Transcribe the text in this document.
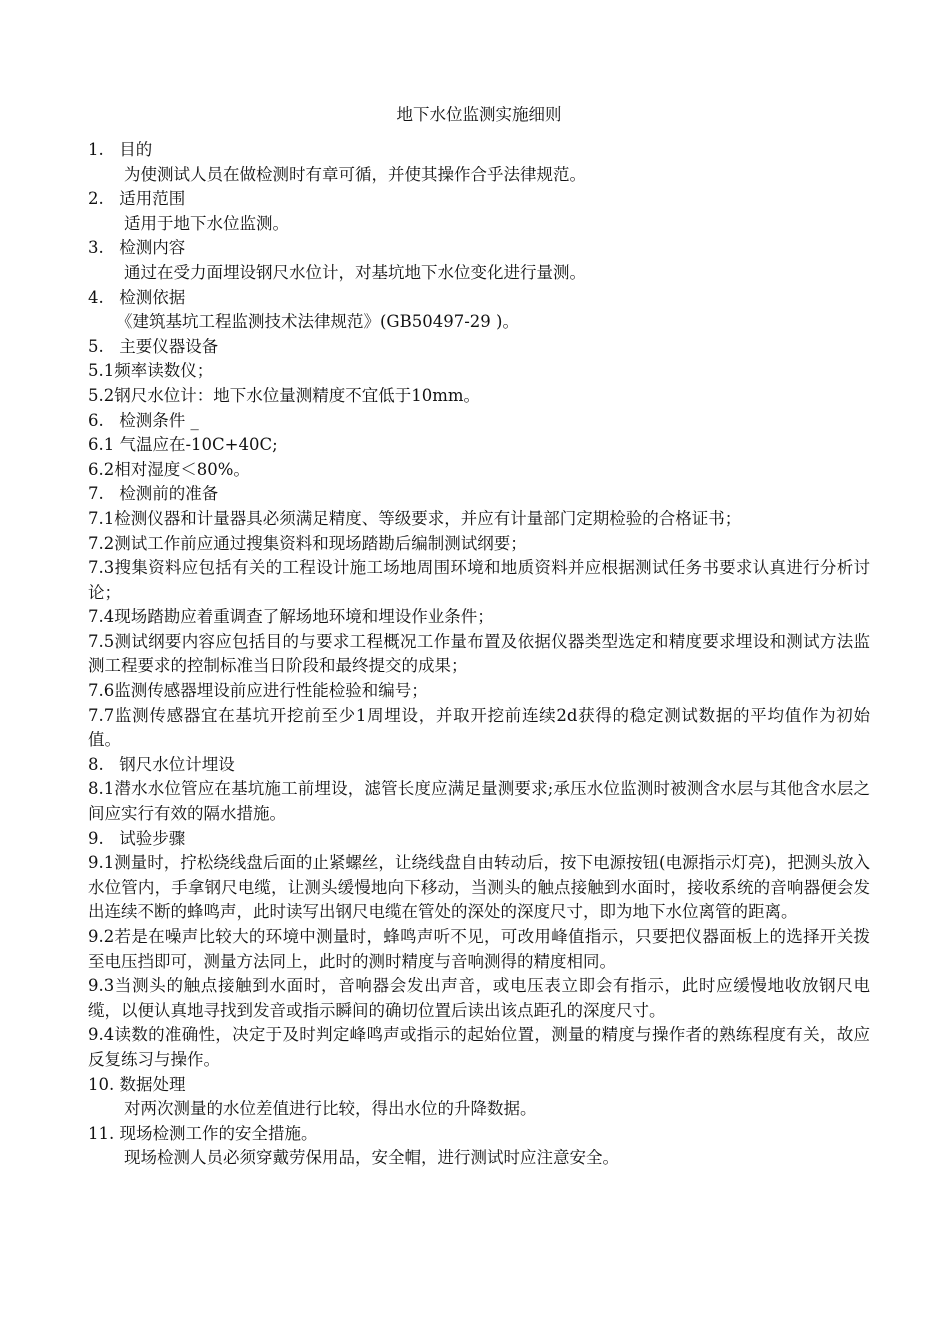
地下水位监测实施细则

1. 目的

为使测试人员在做检测时有章可循，并使其操作合乎法律规范。

2. 适用范围

适用于地下水位监测。

3. 检测内容

通过在受力面埋设钢尺水位计，对基坑地下水位变化进行量测。

4. 检测依据

《建筑基坑工程监测技术法律规范》(GB50497-29 )。

5. 主要仪器设备

5.1频率读数仪；

5.2钢尺水位计：地下水位量测精度不宜低于10mm。

6. 检测条件 _

6.1 气温应在-10C+40C;

6.2相对湿度＜80%。

7. 检测前的准备

7.1检测仪器和计量器具必须满足精度、等级要求，并应有计量部门定期检验的合格证书；

7.2测试工作前应通过搜集资料和现场踏勘后编制测试纲要；

7.3搜集资料应包括有关的工程设计施工场地周围环境和地质资料并应根据测试任务书要求认真进行分析讨论；

7.4现场踏勘应着重调查了解场地环境和埋设作业条件；

7.5测试纲要内容应包括目的与要求工程概况工作量布置及依据仪器类型选定和精度要求埋设和测试方法监测工程要求的控制标准当日阶段和最终提交的成果；

7.6监测传感器埋设前应进行性能检验和编号；

7.7监测传感器宜在基坑开挖前至少1周埋设，并取开挖前连续2d获得的稳定测试数据的平均值作为初始值。

8. 钢尺水位计埋设

8.1潜水水位管应在基坑施工前埋设，滤管长度应满足量测要求;承压水位监测时被测含水层与其他含水层之间应实行有效的隔水措施。

9. 试验步骤

9.1测量时，拧松绕线盘后面的止紧螺丝，让绕线盘自由转动后，按下电源按钮(电源指示灯亮)，把测头放入水位管内，手拿钢尺电缆，让测头缓慢地向下移动，当测头的触点接触到水面时，接收系统的音响器便会发出连续不断的蜂鸣声，此时读写出钢尺电缆在管处的深处的深度尺寸，即为地下水位离管的距离。

9.2若是在噪声比较大的环境中测量时，蜂鸣声听不见，可改用峰值指示，只要把仪器面板上的选择开关拨至电压挡即可，测量方法同上，此时的测时精度与音响测得的精度相同。

9.3当测头的触点接触到水面时，音响器会发出声音，或电压表立即会有指示，此时应缓慢地收放钢尺电缆，以便认真地寻找到发音或指示瞬间的确切位置后读出该点距孔的深度尺寸。

9.4读数的准确性，决定于及时判定峰鸣声或指示的起始位置，测量的精度与操作者的熟练程度有关，故应反复练习与操作。

10. 数据处理

对两次测量的水位差值进行比较，得出水位的升降数据。

11. 现场检测工作的安全措施。

现场检测人员必须穿戴劳保用品，安全帽，进行测试时应注意安全。
